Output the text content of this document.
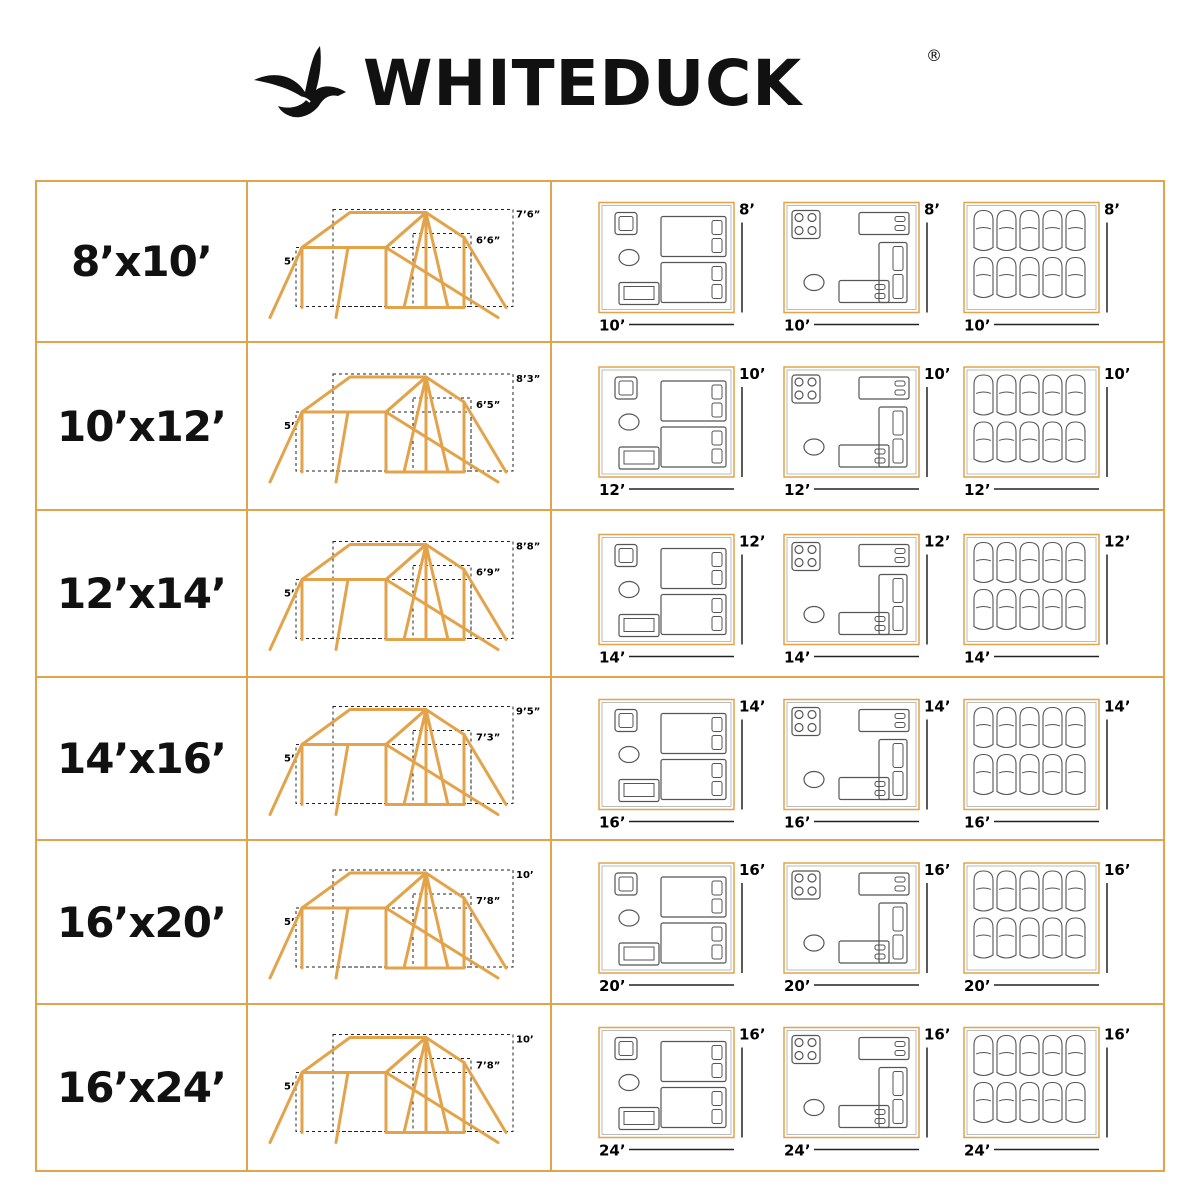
WHITEDUCK	®
8’x10’
7’6”
6’6”
5’
8’
10’
8’
10’
8’
10’
10’x12’
8’3”
6’5”
5’
10’
12’
10’
12’
10’
12’
12’x14’
8’8”
6’9”
5’
12’
14’
12’
14’
12’
14’
14’x16’
9’5”
7’3”
5’
14’
16’
14’
16’
14’
16’
16’x20’
10’
7’8”
5’
16’
20’
16’
20’
16’
20’
16’x24’
10’
7’8”
5’
16’
24’
16’
24’
16’
24’
